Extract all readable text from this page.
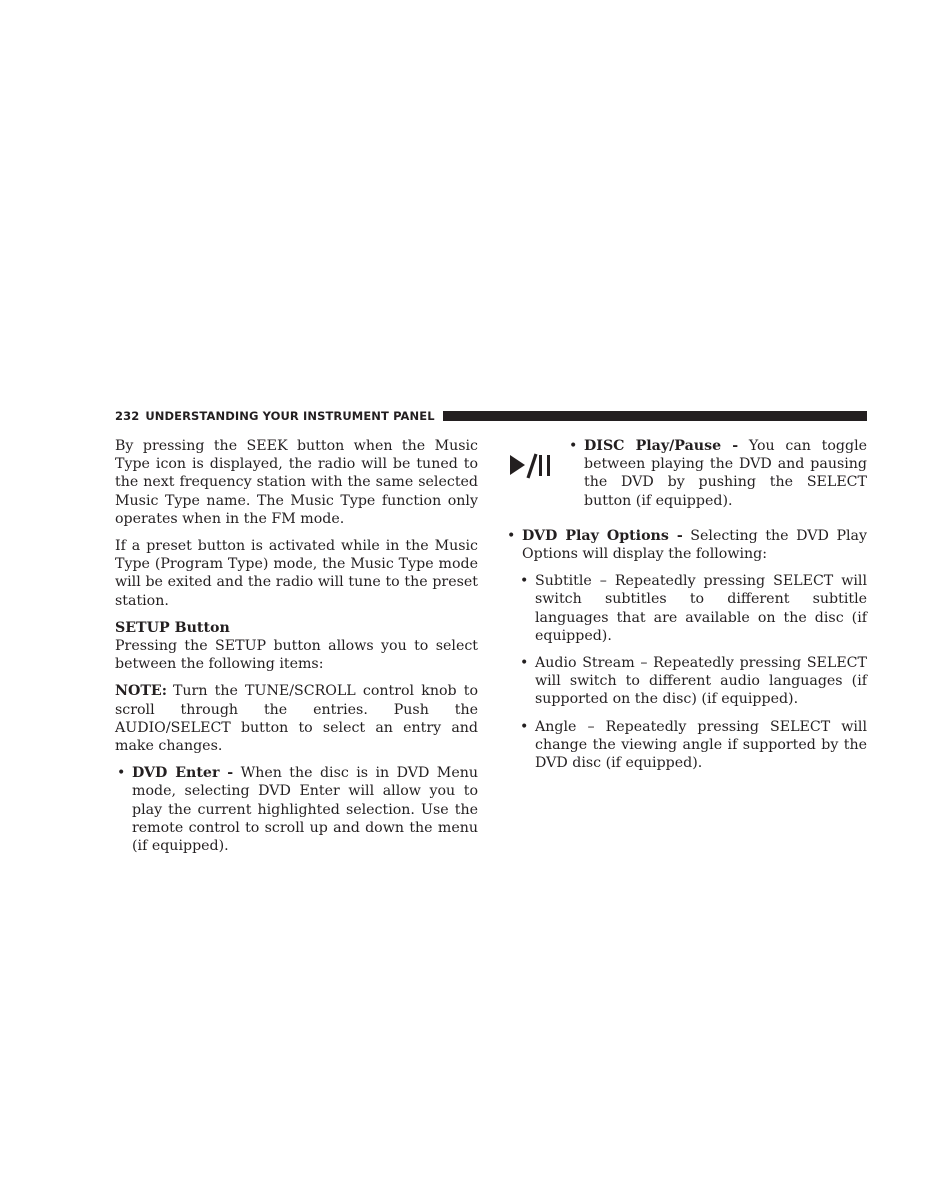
232 UNDERSTANDING YOUR INSTRUMENT PANEL

By pressing the SEEK button when the Music Type icon is displayed, the radio will be tuned to the next frequency station with the same selected Music Type name. The Music Type function only operates when in the FM mode.

If a preset button is activated while in the Music Type (Program Type) mode, the Music Type mode will be exited and the radio will tune to the preset station.

SETUP Button

Pressing the SETUP button allows you to select between the following items:

NOTE: Turn the TUNE/SCROLL control knob to scroll through the entries. Push the AUDIO/SELECT button to select an entry and make changes.

• DVD Enter - When the disc is in DVD Menu mode, selecting DVD Enter will allow you to play the current highlighted selection. Use the remote control to scroll up and down the menu (if equipped).

• DISC Play/Pause - You can toggle between playing the DVD and pausing the DVD by pushing the SELECT button (if equipped).

• DVD Play Options - Selecting the DVD Play Options will display the following:

• Subtitle – Repeatedly pressing SELECT will switch subtitles to different subtitle languages that are available on the disc (if equipped).

• Audio Stream – Repeatedly pressing SELECT will switch to different audio languages (if supported on the disc) (if equipped).

• Angle – Repeatedly pressing SELECT will change the viewing angle if supported by the DVD disc (if equipped).
